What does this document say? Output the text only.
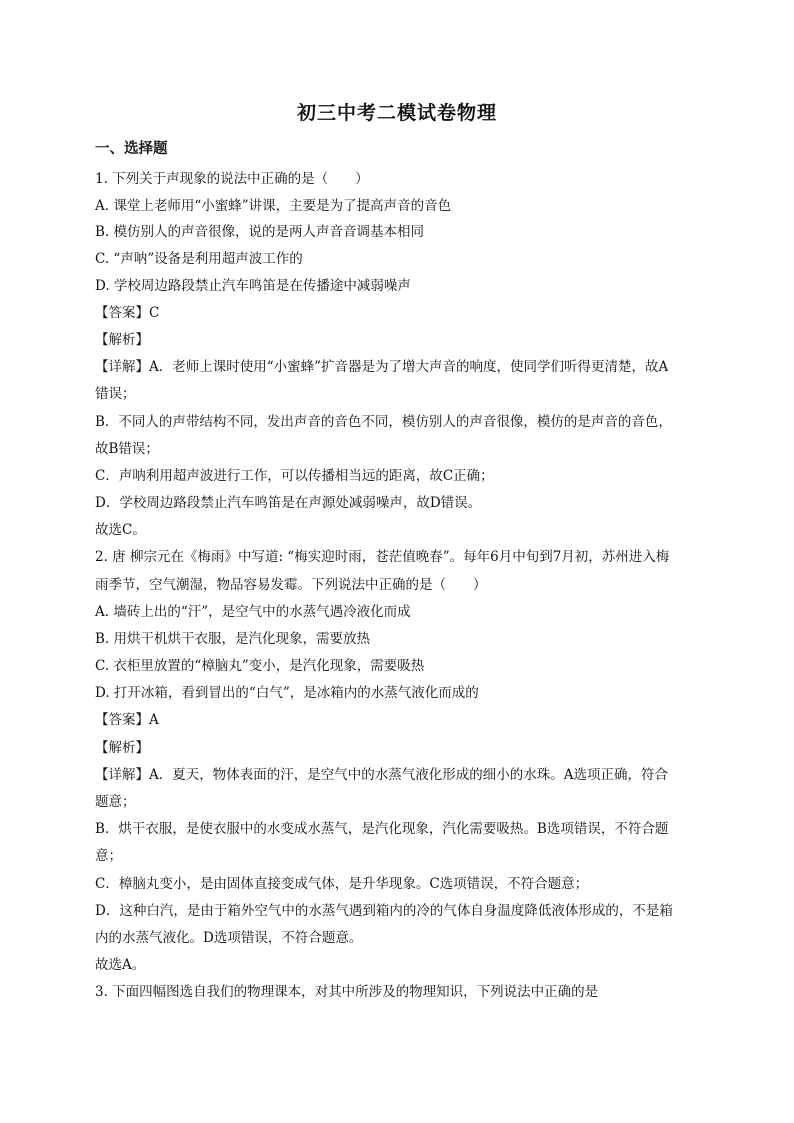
初三中考二模试卷物理
一、选择题
1. 下列关于声现象的说法中正确的是（　　）
A. 课堂上老师用“小蜜蜂”讲课，主要是为了提高声音的音色
B. 模仿别人的声音很像，说的是两人声音音调基本相同
C. “声呐”设备是利用超声波工作的
D. 学校周边路段禁止汽车鸣笛是在传播途中减弱噪声
【答案】C
【解析】
【详解】A．老师上课时使用“小蜜蜂”扩音器是为了增大声音的响度，使同学们听得更清楚，故A
错误；
B．不同人的声带结构不同，发出声音的音色不同，模仿别人的声音很像，模仿的是声音的音色，
故B错误；
C．声呐利用超声波进行工作，可以传播相当远的距离，故C正确；
D．学校周边路段禁止汽车鸣笛是在声源处减弱噪声，故D错误。
故选C。
2. 唐 柳宗元在《梅雨》中写道: “梅实迎时雨，苍茫值晚春”。每年6月中旬到7月初，苏州进入梅
雨季节，空气潮湿，物品容易发霉。下列说法中正确的是（　　）
A. 墙砖上出的“汗”，是空气中的水蒸气遇冷液化而成
B. 用烘干机烘干衣服，是汽化现象，需要放热
C. 衣柜里放置的“樟脑丸”变小，是汽化现象，需要吸热
D. 打开冰箱，看到冒出的“白气”，是冰箱内的水蒸气液化而成的
【答案】A
【解析】
【详解】A．夏天，物体表面的汗，是空气中的水蒸气液化形成的细小的水珠。A选项正确，符合
题意；
B．烘干衣服，是使衣服中的水变成水蒸气，是汽化现象，汽化需要吸热。B选项错误，不符合题
意；
C．樟脑丸变小，是由固体直接变成气体，是升华现象。C选项错误，不符合题意；
D．这种白汽，是由于箱外空气中的水蒸气遇到箱内的冷的气体自身温度降低液体形成的，不是箱
内的水蒸气液化。D选项错误，不符合题意。
故选A。
3. 下面四幅图选自我们的物理课本，对其中所涉及的物理知识，下列说法中正确的是
